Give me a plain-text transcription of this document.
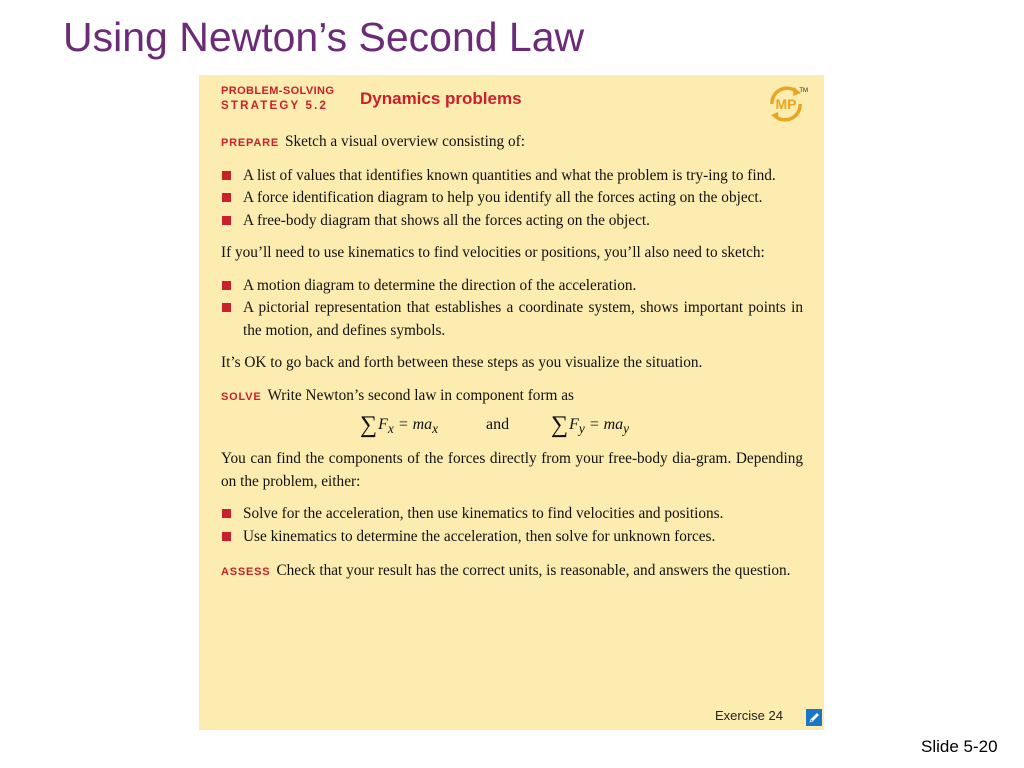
Using Newton’s Second Law
PROBLEM-SOLVING
STRATEGY 5.2	Dynamics problems	MP
TM

PREPARE Sketch a visual overview consisting of:

A list of values that identifies known quantities and what the problem is try-ing to find.
A force identification diagram to help you identify all the forces acting on the object.
A free-body diagram that shows all the forces acting on the object.

If you’ll need to use kinematics to find velocities or positions, you’ll also need to sketch:

A motion diagram to determine the direction of the acceleration.
A pictorial representation that establishes a coordinate system, shows important points in the motion, and defines symbols.

It’s OK to go back and forth between these steps as you visualize the situation.

SOLVE Write Newton’s second law in component form as

$\sum F_x = ma_x$	and $\sum F_y = ma_y$

You can find the components of the forces directly from your free-body dia-gram. Depending on the problem, either:

Solve for the acceleration, then use kinematics to find velocities and positions.
Use kinematics to determine the acceleration, then solve for unknown forces.

ASSESS Check that your result has the correct units, is reasonable, and answers the question.

Exercise 24
Slide 5-20
